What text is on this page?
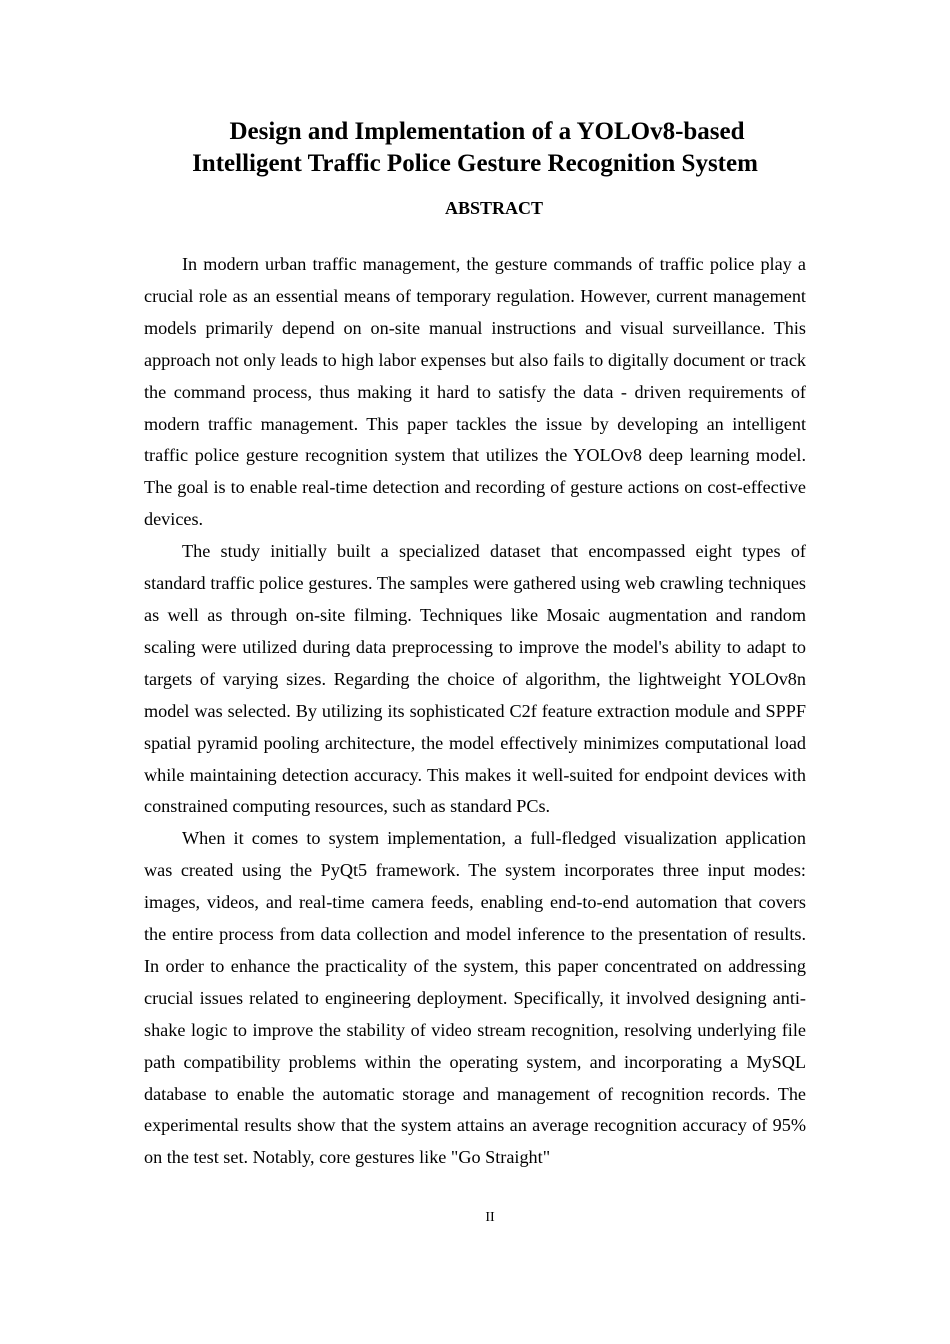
Design and Implementation of a YOLOv8-based
Intelligent Traffic Police Gesture Recognition System
ABSTRACT

In modern urban traffic management, the gesture commands of traffic police play a crucial role as an essential means of temporary regulation. However, current management models primarily depend on on-site manual instructions and visual surveillance. This approach not only leads to high labor expenses but also fails to digitally document or track the command process, thus making it hard to satisfy the data - driven requirements of modern traffic management. This paper tackles the issue by developing an intelligent traffic police gesture recognition system that utilizes the YOLOv8 deep learning model. The goal is to enable real-time detection and recording of gesture actions on cost-effective devices.

The study initially built a specialized dataset that encompassed eight types of standard traffic police gestures. The samples were gathered using web crawling techniques as well as through on-site filming. Techniques like Mosaic augmentation and random scaling were utilized during data preprocessing to improve the model's ability to adapt to targets of varying sizes. Regarding the choice of algorithm, the lightweight YOLOv8n model was selected. By utilizing its sophisticated C2f feature extraction module and SPPF spatial pyramid pooling architecture, the model effectively minimizes computational load while maintaining detection accuracy. This makes it well-suited for endpoint devices with constrained computing resources, such as standard PCs.

When it comes to system implementation, a full-fledged visualization application was created using the PyQt5 framework. The system incorporates three input modes: images, videos, and real-time camera feeds, enabling end-to-end automation that covers the entire process from data collection and model inference to the presentation of results. In order to enhance the practicality of the system, this paper concentrated on addressing crucial issues related to engineering deployment. Specifically, it involved designing anti-shake logic to improve the stability of video stream recognition, resolving underlying file path compatibility problems within the operating system, and incorporating a MySQL database to enable the automatic storage and management of recognition records. The experimental results show that the system attains an average recognition accuracy of 95% on the test set. Notably, core gestures like "Go Straight"

II
